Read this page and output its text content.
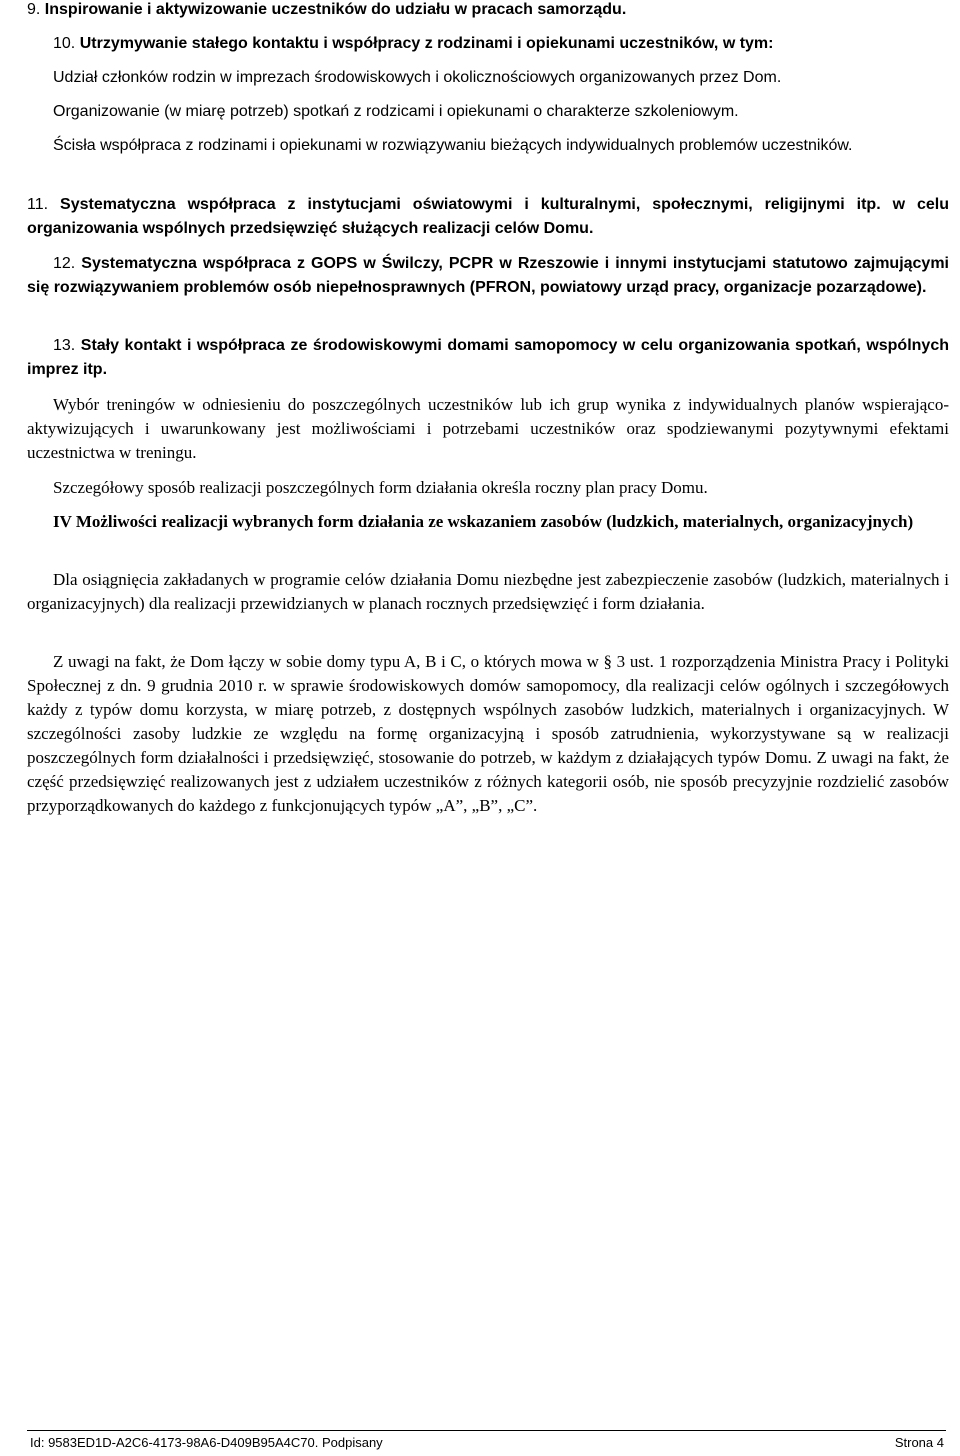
9. Inspirowanie i aktywizowanie uczestników do udziału w pracach samorządu.

10. Utrzymywanie stałego kontaktu i współpracy z rodzinami i opiekunami uczestników, w tym:

Udział członków rodzin w imprezach środowiskowych i okolicznościowych organizowanych przez Dom.

Organizowanie (w miarę potrzeb) spotkań z rodzicami i opiekunami o charakterze szkoleniowym.

Ścisła współpraca z rodzinami i opiekunami w rozwiązywaniu bieżących indywidualnych problemów uczestników.

11. Systematyczna współpraca z instytucjami oświatowymi i kulturalnymi, społecznymi, religijnymi itp. w celu organizowania wspólnych przedsięwzięć służących realizacji celów Domu.

12. Systematyczna współpraca z GOPS w Świlczy, PCPR w Rzeszowie i innymi instytucjami statutowo zajmującymi się rozwiązywaniem problemów osób niepełnosprawnych (PFRON, powiatowy urząd pracy, organizacje pozarządowe).

13. Stały kontakt i współpraca ze środowiskowymi domami samopomocy w celu organizowania spotkań, wspólnych imprez itp.

Wybór treningów w odniesieniu do poszczególnych uczestników lub ich grup wynika z indywidualnych planów wspierająco-aktywizujących i uwarunkowany jest możliwościami i potrzebami uczestników oraz spodziewanymi pozytywnymi efektami uczestnictwa w treningu.

Szczegółowy sposób realizacji poszczególnych form działania określa roczny plan pracy Domu.

IV Możliwości realizacji wybranych form działania ze wskazaniem zasobów (ludzkich, materialnych, organizacyjnych)

Dla osiągnięcia zakładanych w programie celów działania Domu niezbędne jest zabezpieczenie zasobów (ludzkich, materialnych i organizacyjnych) dla realizacji przewidzianych w planach rocznych przedsięwzięć i form działania.

Z uwagi na fakt, że Dom łączy w sobie domy typu A, B i C, o których mowa w § 3 ust. 1 rozporządzenia Ministra Pracy i Polityki Społecznej z dn. 9 grudnia 2010 r. w sprawie środowiskowych domów samopomocy, dla realizacji celów ogólnych i szczegółowych każdy z typów domu korzysta, w miarę potrzeb, z dostępnych wspólnych zasobów ludzkich, materialnych i organizacyjnych. W szczególności zasoby ludzkie ze względu na formę organizacyjną i sposób zatrudnienia, wykorzystywane są w realizacji poszczególnych form działalności i przedsięwzięć, stosowanie do potrzeb, w każdym z działających typów Domu. Z uwagi na fakt, że część przedsięwzięć realizowanych jest z udziałem uczestników z różnych kategorii osób, nie sposób precyzyjnie rozdzielić zasobów przyporządkowanych do każdego z funkcjonujących typów „A”, „B”, „C”.

Id: 9583ED1D-A2C6-4173-98A6-D409B95A4C70. Podpisany	Strona 4
